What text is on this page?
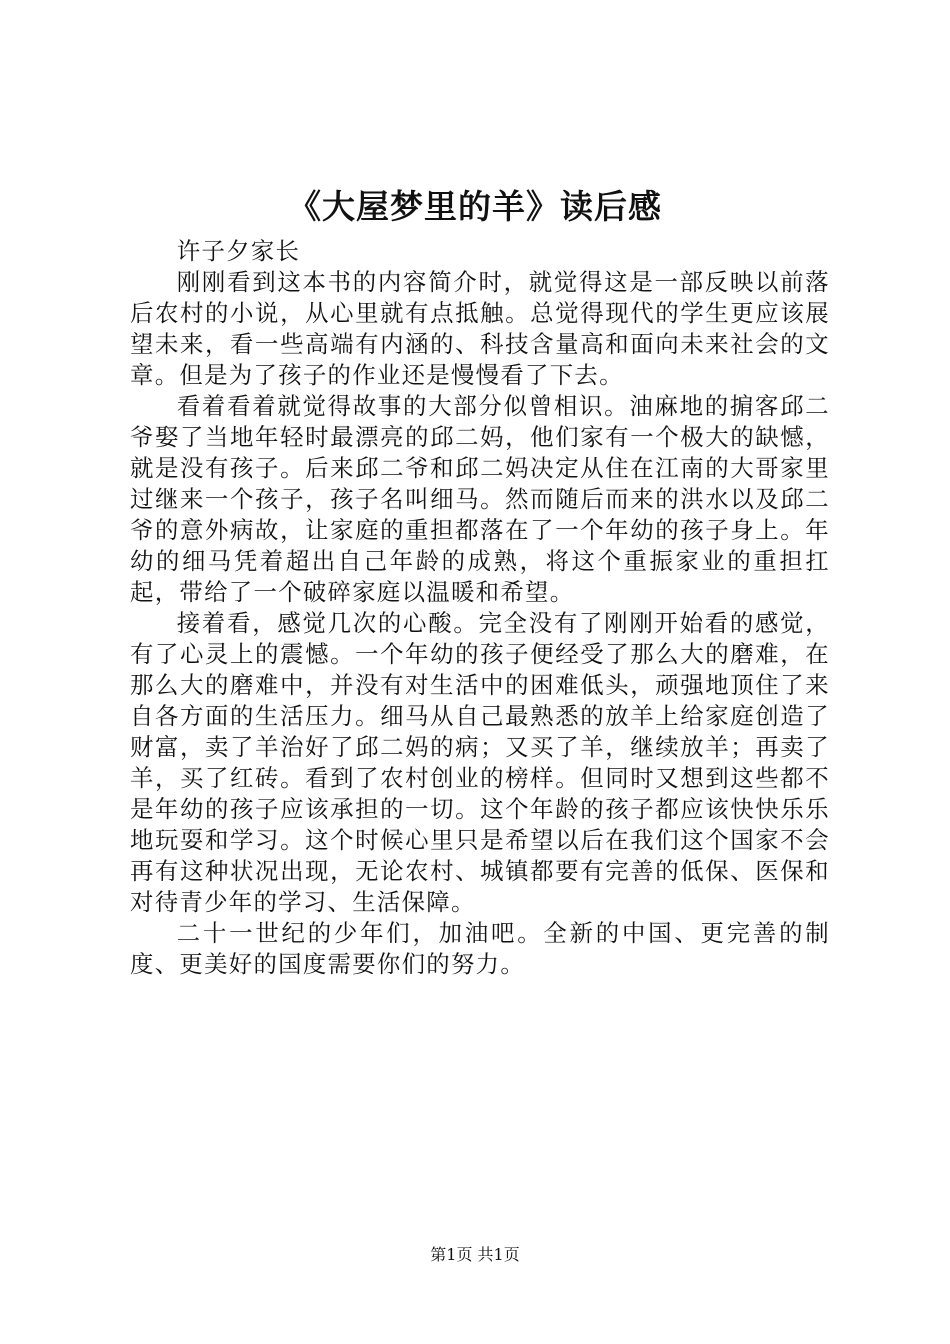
《大屋梦里的羊》读后感

许子夕家长

刚刚看到这本书的内容简介时，就觉得这是一部反映以前落后农村的小说，从心里就有点抵触。总觉得现代的学生更应该展望未来，看一些高端有内涵的、科技含量高和面向未来社会的文章。但是为了孩子的作业还是慢慢看了下去。

看着看着就觉得故事的大部分似曾相识。油麻地的掮客邱二爷娶了当地年轻时最漂亮的邱二妈，他们家有一个极大的缺憾，就是没有孩子。后来邱二爷和邱二妈决定从住在江南的大哥家里过继来一个孩子，孩子名叫细马。然而随后而来的洪水以及邱二爷的意外病故，让家庭的重担都落在了一个年幼的孩子身上。年幼的细马凭着超出自己年龄的成熟，将这个重振家业的重担扛起，带给了一个破碎家庭以温暖和希望。

接着看，感觉几次的心酸。完全没有了刚刚开始看的感觉，有了心灵上的震憾。一个年幼的孩子便经受了那么大的磨难，在那么大的磨难中，并没有对生活中的困难低头，顽强地顶住了来自各方面的生活压力。细马从自己最熟悉的放羊上给家庭创造了财富，卖了羊治好了邱二妈的病；又买了羊，继续放羊；再卖了羊，买了红砖。看到了农村创业的榜样。但同时又想到这些都不是年幼的孩子应该承担的一切。这个年龄的孩子都应该快快乐乐地玩耍和学习。这个时候心里只是希望以后在我们这个国家不会再有这种状况出现，无论农村、城镇都要有完善的低保、医保和对待青少年的学习、生活保障。

二十一世纪的少年们，加油吧。全新的中国、更完善的制度、更美好的国度需要你们的努力。

第1页 共1页
